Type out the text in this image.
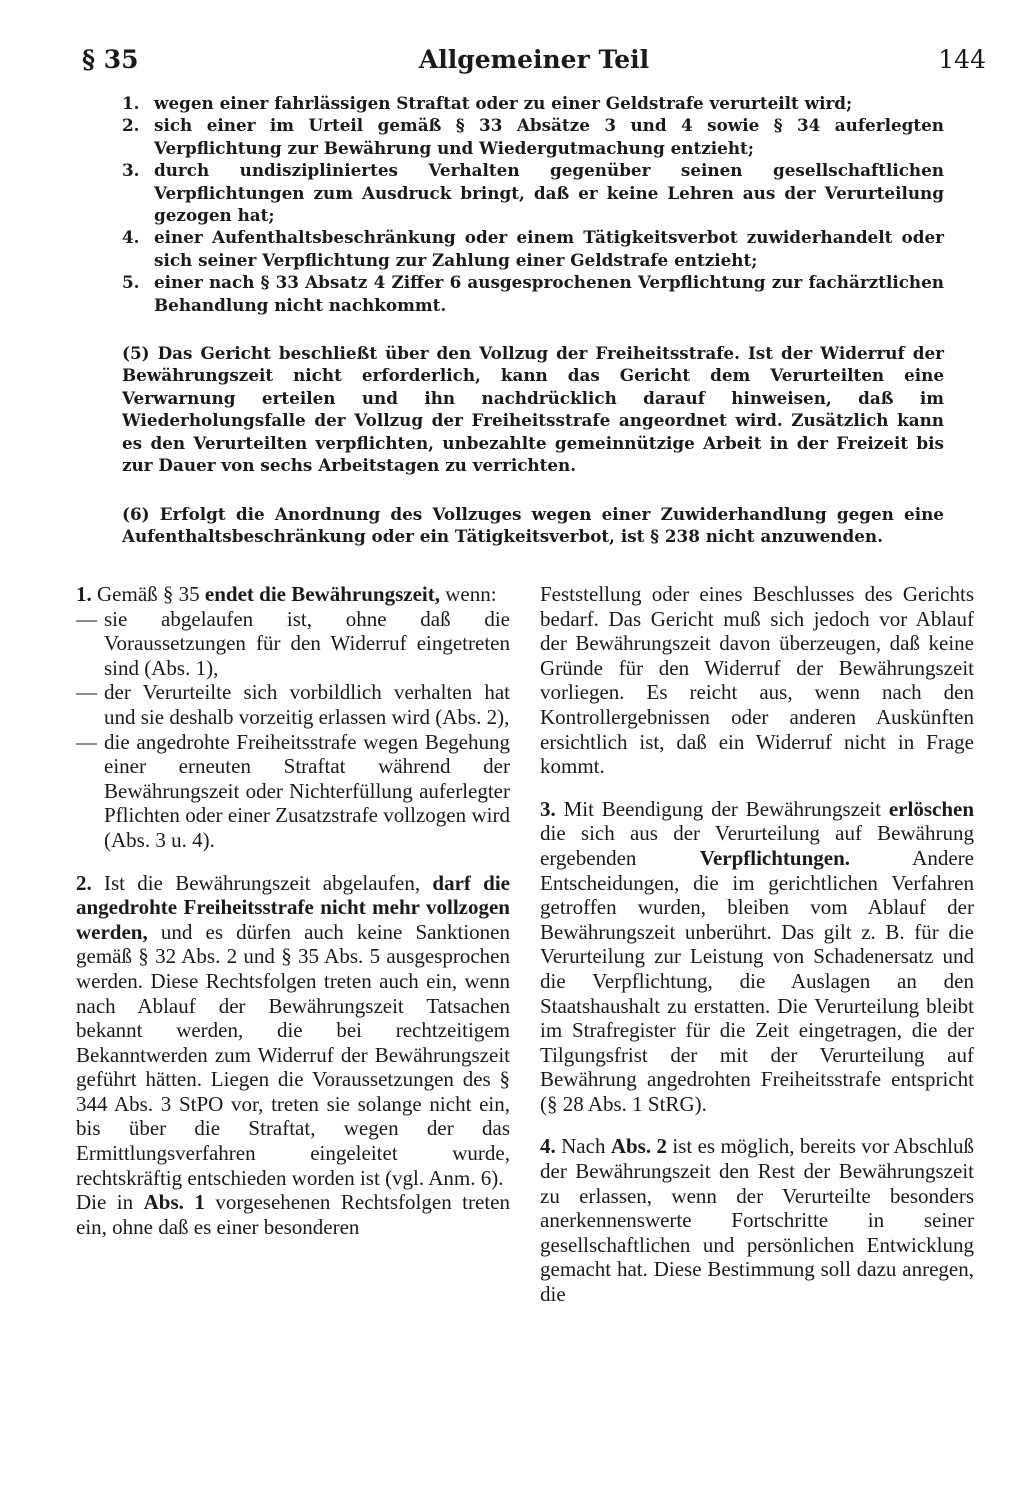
§ 35	Allgemeiner Teil	144
1. wegen einer fahrlässigen Straftat oder zu einer Geldstrafe verurteilt wird;
2. sich einer im Urteil gemäß § 33 Absätze 3 und 4 sowie § 34 auferlegten Verpflichtung zur Bewährung und Wiedergutmachung entzieht;
3. durch undiszipliniertes Verhalten gegenüber seinen gesellschaftlichen Verpflichtungen zum Ausdruck bringt, daß er keine Lehren aus der Verurteilung gezogen hat;
4. einer Aufenthaltsbeschränkung oder einem Tätigkeitsverbot zuwiderhandelt oder sich seiner Verpflichtung zur Zahlung einer Geldstrafe entzieht;
5. einer nach § 33 Absatz 4 Ziffer 6 ausgesprochenen Verpflichtung zur fachärztlichen Behandlung nicht nachkommt.

(5) Das Gericht beschließt über den Vollzug der Freiheitsstrafe. Ist der Widerruf der Bewährungszeit nicht erforderlich, kann das Gericht dem Verurteilten eine Verwarnung erteilen und ihn nachdrücklich darauf hinweisen, daß im Wiederholungsfalle der Vollzug der Freiheitsstrafe angeordnet wird. Zusätzlich kann es den Verurteilten verpflichten, unbezahlte gemeinnützige Arbeit in der Freizeit bis zur Dauer von sechs Arbeitstagen zu verrichten.

(6) Erfolgt die Anordnung des Vollzuges wegen einer Zuwiderhandlung gegen eine Aufenthaltsbeschränkung oder ein Tätigkeitsverbot, ist § 238 nicht anzuwenden.

1. Gemäß § 35 endet die Bewährungszeit, wenn:

— sie abgelaufen ist, ohne daß die Voraussetzungen für den Widerruf eingetreten sind (Abs. 1),
— der Verurteilte sich vorbildlich verhalten hat und sie deshalb vorzeitig erlassen wird (Abs. 2),
— die angedrohte Freiheitsstrafe wegen Begehung einer erneuten Straftat während der Bewährungszeit oder Nichterfüllung auferlegter Pflichten oder einer Zusatzstrafe vollzogen wird (Abs. 3 u. 4).

2. Ist die Bewährungszeit abgelaufen, darf die angedrohte Freiheitsstrafe nicht mehr vollzogen werden, und es dürfen auch keine Sanktionen gemäß § 32 Abs. 2 und § 35 Abs. 5 ausgesprochen werden. Diese Rechtsfolgen treten auch ein, wenn nach Ablauf der Bewährungszeit Tatsachen bekannt werden, die bei rechtzeitigem Bekanntwerden zum Widerruf der Bewährungszeit geführt hätten. Liegen die Voraussetzungen des § 344 Abs. 3 StPO vor, treten sie solange nicht ein, bis über die Straftat, wegen der das Ermittlungsverfahren eingeleitet wurde, rechtskräftig entschieden worden ist (vgl. Anm. 6).

Die in Abs. 1 vorgesehenen Rechtsfolgen treten ein, ohne daß es einer besonderen

Feststellung oder eines Beschlusses des Gerichts bedarf. Das Gericht muß sich jedoch vor Ablauf der Bewährungszeit davon überzeugen, daß keine Gründe für den Widerruf der Bewährungszeit vorliegen. Es reicht aus, wenn nach den Kontrollergebnissen oder anderen Auskünften ersichtlich ist, daß ein Widerruf nicht in Frage kommt.

3. Mit Beendigung der Bewährungszeit erlöschen die sich aus der Verurteilung auf Bewährung ergebenden Verpflichtungen. Andere Entscheidungen, die im gerichtlichen Verfahren getroffen wurden, bleiben vom Ablauf der Bewährungszeit unberührt. Das gilt z. B. für die Verurteilung zur Leistung von Schadenersatz und die Verpflichtung, die Auslagen an den Staatshaushalt zu erstatten. Die Verurteilung bleibt im Strafregister für die Zeit eingetragen, die der Tilgungsfrist der mit der Verurteilung auf Bewährung angedrohten Freiheitsstrafe entspricht (§ 28 Abs. 1 StRG).

4. Nach Abs. 2 ist es möglich, bereits vor Abschluß der Bewährungszeit den Rest der Bewährungszeit zu erlassen, wenn der Verurteilte besonders anerkennenswerte Fortschritte in seiner gesellschaftlichen und persönlichen Entwicklung gemacht hat. Diese Bestimmung soll dazu anregen, die
